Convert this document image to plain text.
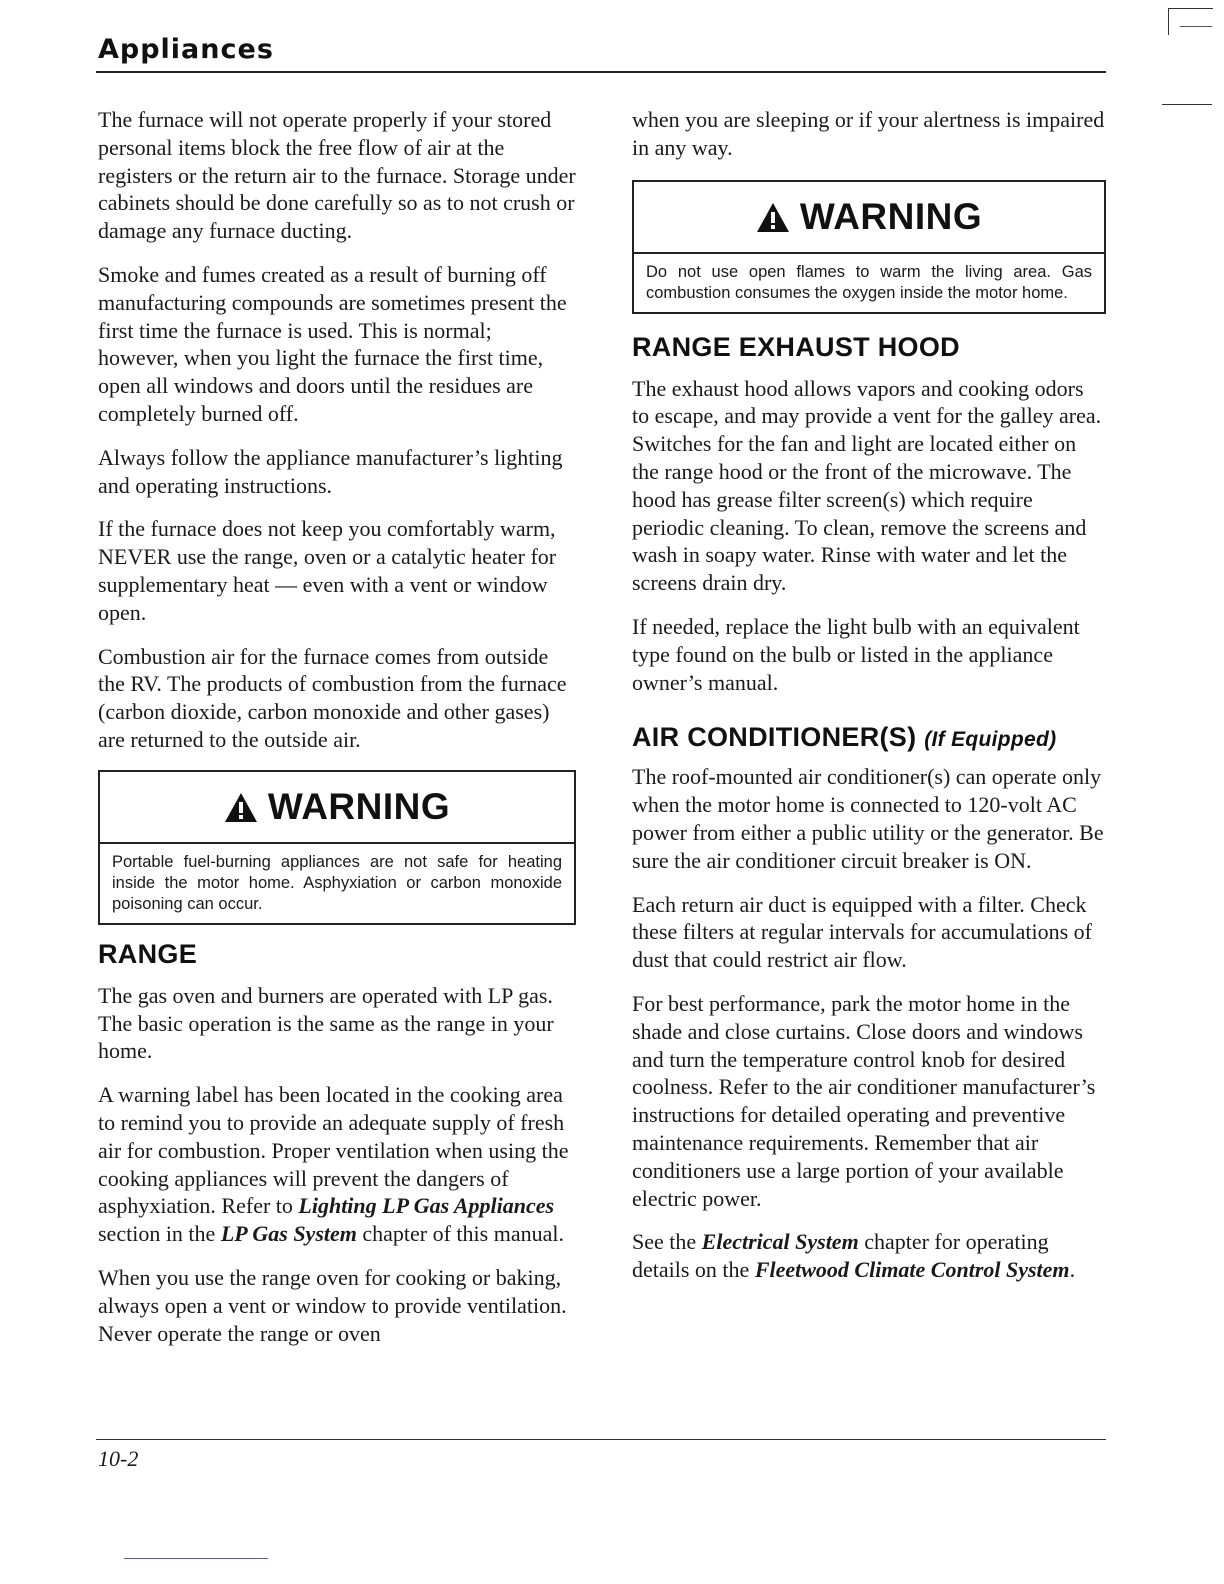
Appliances

The furnace will not operate properly if your stored personal items block the free flow of air at the registers or the return air to the furnace. Storage under cabinets should be done carefully so as to not crush or damage any furnace ducting.

Smoke and fumes created as a result of burning off manufacturing compounds are sometimes present the first time the furnace is used. This is normal; however, when you light the furnace the first time, open all windows and doors until the residues are completely burned off.

Always follow the appliance manufacturer’s lighting and operating instructions.

If the furnace does not keep you comfortably warm, NEVER use the range, oven or a catalytic heater for supplementary heat — even with a vent or window open.

Combustion air for the furnace comes from outside the RV. The products of combustion from the furnace (carbon dioxide, carbon monoxide and other gases) are returned to the outside air.

WARNING
Portable fuel-burning appliances are not safe for heating inside the motor home. Asphyxiation or carbon monoxide poisoning can occur.
RANGE

The gas oven and burners are operated with LP gas. The basic operation is the same as the range in your home.

A warning label has been located in the cooking area to remind you to provide an adequate supply of fresh air for combustion. Proper ventilation when using the cooking appliances will prevent the dangers of asphyxiation. Refer to Lighting LP Gas Appliances section in the LP Gas System chapter of this manual.

When you use the range oven for cooking or baking, always open a vent or window to provide ventilation. Never operate the range or oven

when you are sleeping or if your alertness is impaired in any way.

WARNING
Do not use open flames to warm the living area. Gas combustion consumes the oxygen inside the motor home.
RANGE EXHAUST HOOD

The exhaust hood allows vapors and cooking odors to escape, and may provide a vent for the galley area. Switches for the fan and light are located either on the range hood or the front of the microwave. The hood has grease filter screen(s) which require periodic cleaning. To clean, remove the screens and wash in soapy water. Rinse with water and let the screens drain dry.

If needed, replace the light bulb with an equivalent type found on the bulb or listed in the appliance owner’s manual.

AIR CONDITIONER(S) (If Equipped)

The roof-mounted air conditioner(s) can operate only when the motor home is connected to 120-volt AC power from either a public utility or the generator. Be sure the air conditioner circuit breaker is ON.

Each return air duct is equipped with a filter. Check these filters at regular intervals for accumulations of dust that could restrict air flow.

For best performance, park the motor home in the shade and close curtains. Close doors and windows and turn the temperature control knob for desired coolness. Refer to the air conditioner manufacturer’s instructions for detailed operating and preventive maintenance requirements. Remember that air conditioners use a large portion of your available electric power.

See the Electrical System chapter for operating details on the Fleetwood Climate Control System.

10-2
